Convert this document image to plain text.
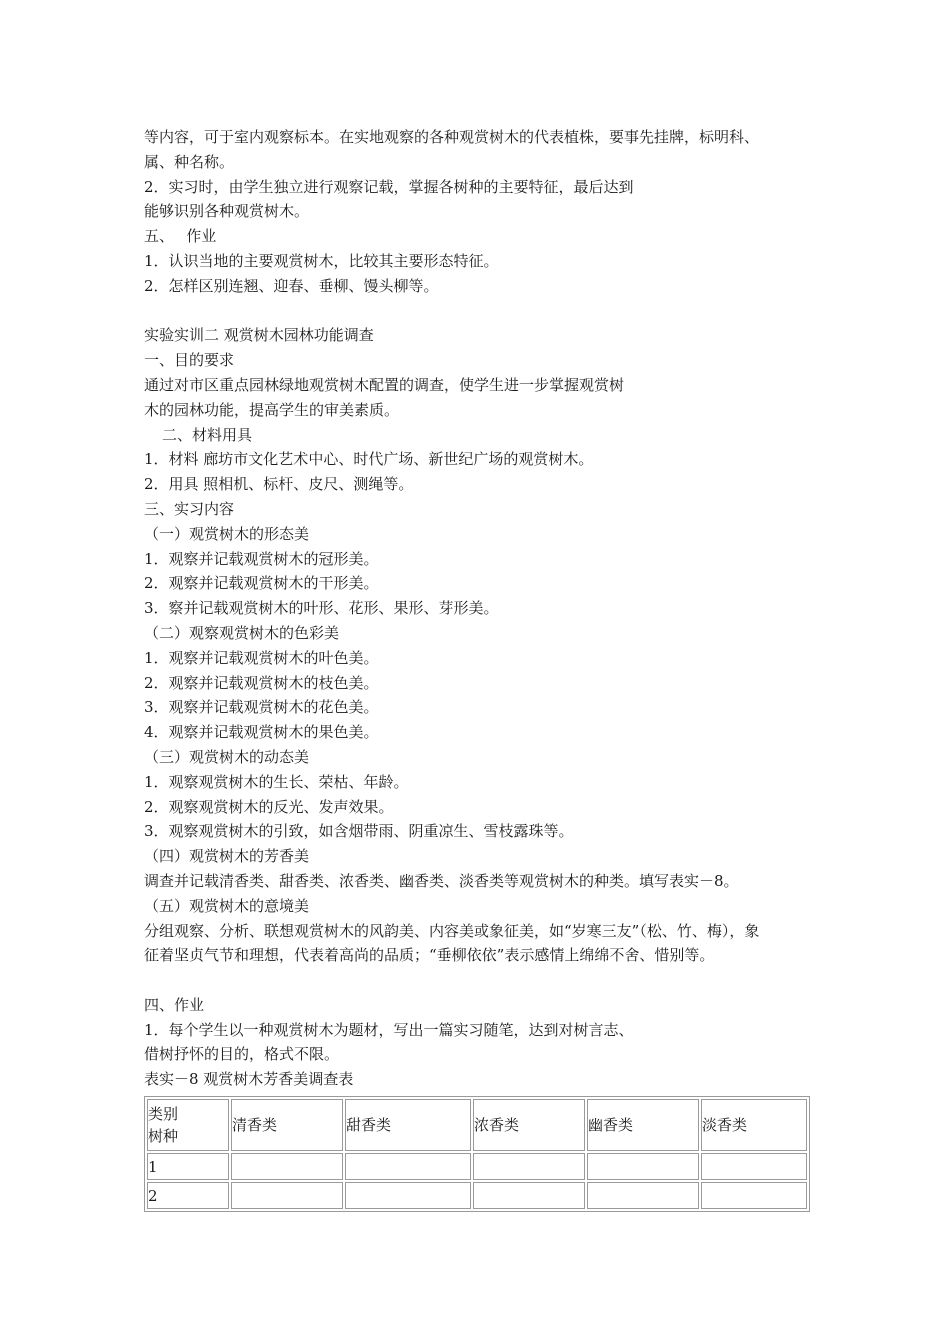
等内容，可于室内观察标本。在实地观察的各种观赏树木的代表植株，要事先挂牌，标明科、
属、种名称。
2．实习时，由学生独立进行观察记载，掌握各树种的主要特征，最后达到
能够识别各种观赏树木。
五、　 作业
1．认识当地的主要观赏树木，比较其主要形态特征。
2．怎样区别连翘、迎春、垂柳、馒头柳等。
实验实训二 观赏树木园林功能调查
一、目的要求
通过对市区重点园林绿地观赏树木配置的调查，使学生进一步掌握观赏树
木的园林功能，提高学生的审美素质。
二、材料用具
1．材料 廊坊市文化艺术中心、时代广场、新世纪广场的观赏树木。
2．用具 照相机、标杆、皮尺、测绳等。
三、实习内容
（一）观赏树木的形态美
1．观察并记载观赏树木的冠形美。
2．观察并记载观赏树木的干形美。
3．察并记载观赏树木的叶形、花形、果形、芽形美。
（二）观察观赏树木的色彩美
1．观察并记载观赏树木的叶色美。
2．观察并记载观赏树木的枝色美。
3．观察并记载观赏树木的花色美。
4．观察并记载观赏树木的果色美。
（三）观赏树木的动态美
1．观察观赏树木的生长、荣枯、年龄。
2．观察观赏树木的反光、发声效果。
3．观察观赏树木的引致，如含烟带雨、阴重凉生、雪枝露珠等。
（四）观赏树木的芳香美
调查并记载清香类、甜香类、浓香类、幽香类、淡香类等观赏树木的种类。填写表实－8。
（五）观赏树木的意境美
分组观察、分析、联想观赏树木的风韵美、内容美或象征美，如“岁寒三友”（松、竹、梅），象
征着坚贞气节和理想，代表着高尚的品质；“垂柳依依”表示感情上绵绵不舍、惜别等。
四、作业
1．每个学生以一种观赏树木为题材，写出一篇实习随笔，达到对树言志、
借树抒怀的目的，格式不限。
表实－8 观赏树木芳香美调查表
类别
树种	清香类	甜香类	浓香类	幽香类	淡香类
1					
2					
